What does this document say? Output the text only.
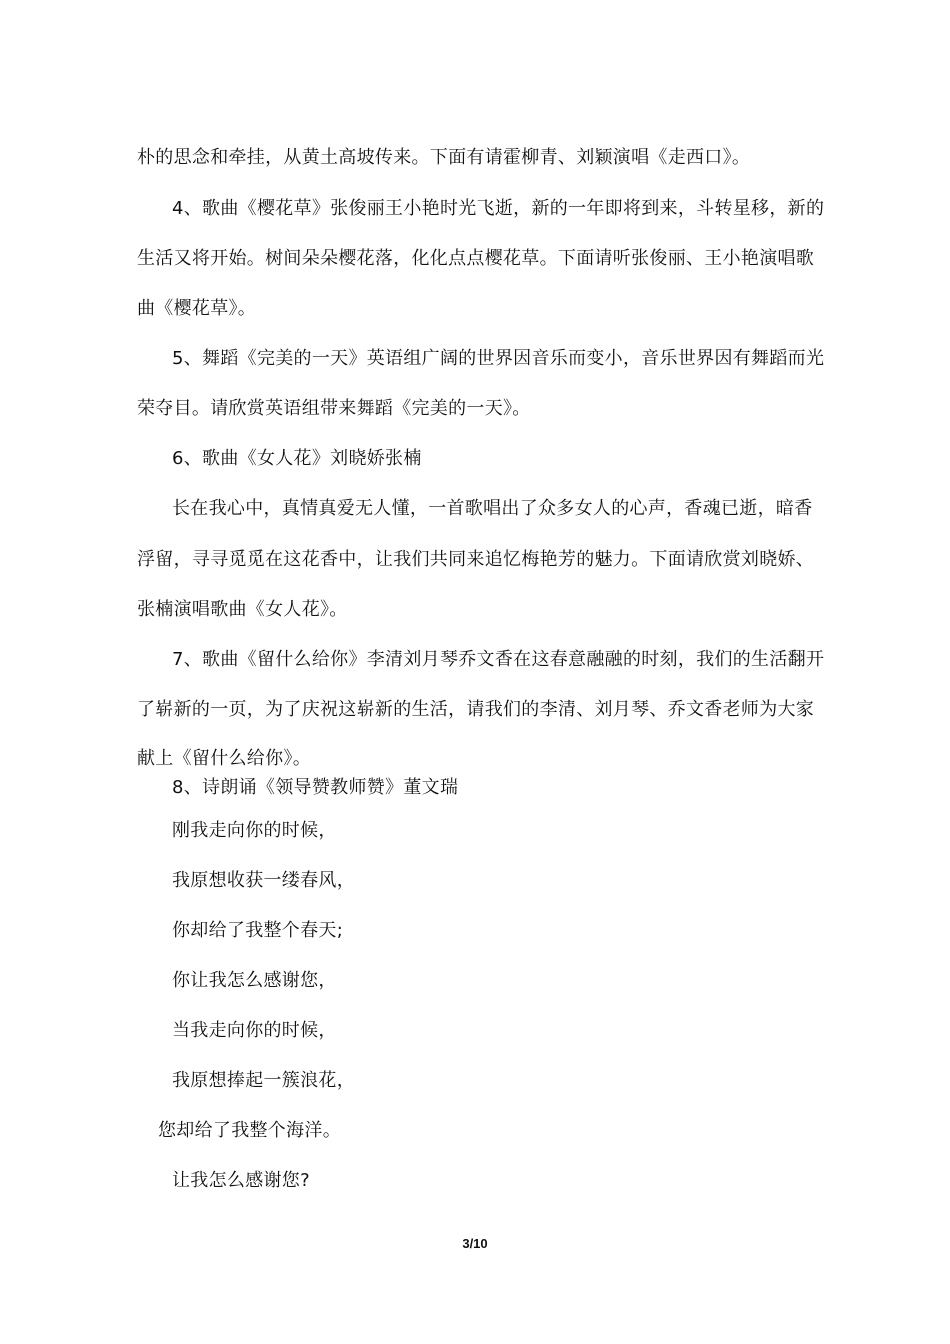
朴的思念和牵挂，从黄土高坡传来。下面有请霍柳青、刘颖演唱《走西口》。
4、歌曲《樱花草》张俊丽王小艳时光飞逝，新的一年即将到来，斗转星移，新的
生活又将开始。树间朵朵樱花落，化化点点樱花草。下面请听张俊丽、王小艳演唱歌
曲《樱花草》。
5、舞蹈《完美的一天》英语组广阔的世界因音乐而变小，音乐世界因有舞蹈而光
荣夺目。请欣赏英语组带来舞蹈《完美的一天》。
6、歌曲《女人花》刘晓娇张楠
长在我心中，真情真爱无人懂，一首歌唱出了众多女人的心声，香魂已逝，暗香
浮留，寻寻觅觅在这花香中，让我们共同来追忆梅艳芳的魅力。下面请欣赏刘晓娇、
张楠演唱歌曲《女人花》。
7、歌曲《留什么给你》李清刘月琴乔文香在这春意融融的时刻，我们的生活翻开
了崭新的一页，为了庆祝这崭新的生活，请我们的李清、刘月琴、乔文香老师为大家
献上《留什么给你》。
8、诗朗诵《领导赞教师赞》董文瑞
刚我走向你的时候，
我原想收获一缕春风，
你却给了我整个春天;
你让我怎么感谢您，
当我走向你的时候，
我原想捧起一簇浪花，
您却给了我整个海洋。
让我怎么感谢您?
3/10
